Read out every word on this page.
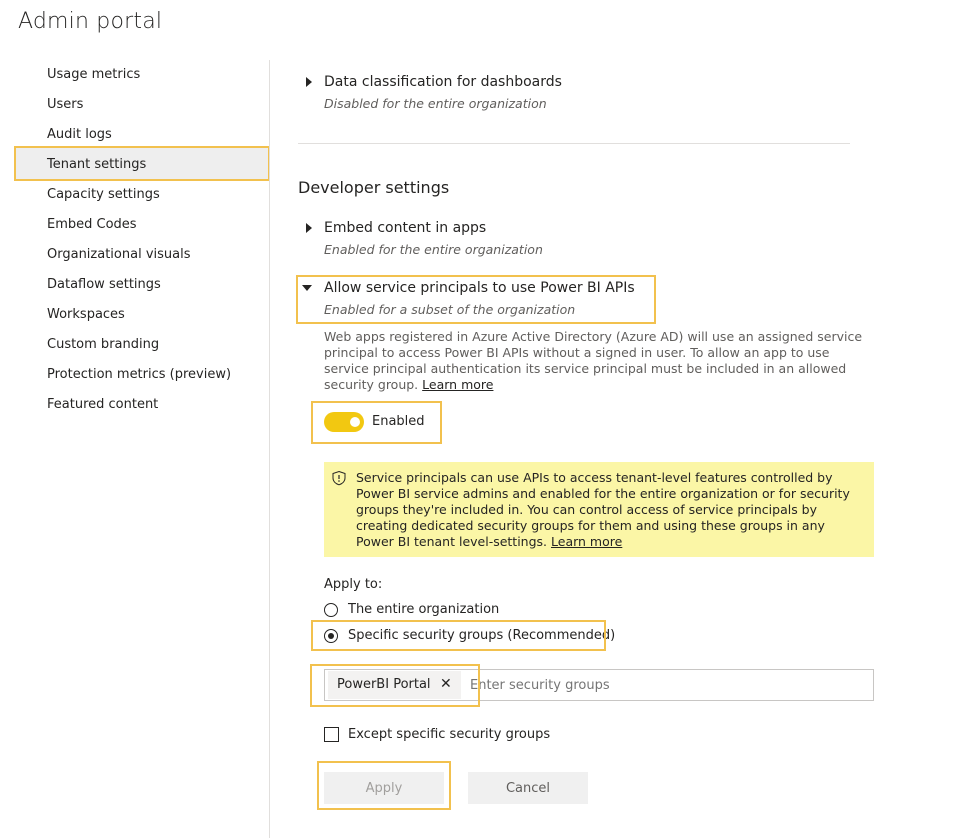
Admin portal
Usage metrics
Users
Audit logs
Tenant settings
Capacity settings
Embed Codes
Organizational visuals
Dataflow settings
Workspaces
Custom branding
Protection metrics (preview)
Featured content
Data classification for dashboards
Disabled for the entire organization
Developer settings
Embed content in apps
Enabled for the entire organization
Allow service principals to use Power BI APIs
Enabled for a subset of the organization
Web apps registered in Azure Active Directory (Azure AD) will use an assigned service principal to access Power BI APIs without a signed in user. To allow an app to use service principal authentication its service principal must be included in an allowed security group. Learn more
Enabled
Service principals can use APIs to access tenant-level features controlled by Power BI service admins and enabled for the entire organization or for security groups they're included in. You can control access of service principals by creating dedicated security groups for them and using these groups in any Power BI tenant level-settings. Learn more
Apply to:
The entire organization
Specific security groups (Recommended)
PowerBI Portal ✕
Enter security groups
Except specific security groups
Apply	Cancel
